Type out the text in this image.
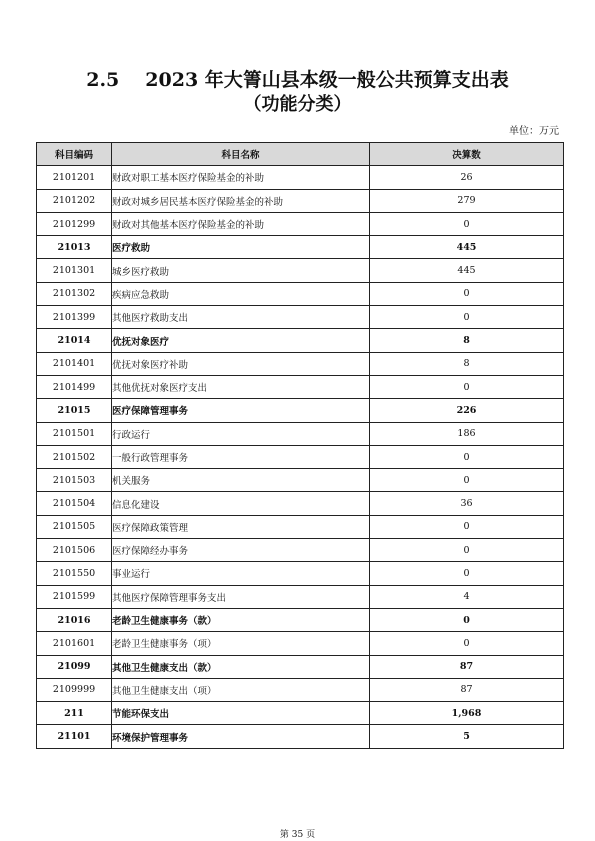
2.5 2023 年大箐山县本级一般公共预算支出表
（功能分类）
单位：万元
科目编码	科目名称	决算数
2101201	财政对职工基本医疗保险基金的补助	26
2101202	财政对城乡居民基本医疗保险基金的补助	279
2101299	财政对其他基本医疗保险基金的补助	0
21013	医疗救助	445
2101301	城乡医疗救助	445
2101302	疾病应急救助	0
2101399	其他医疗救助支出	0
21014	优抚对象医疗	8
2101401	优抚对象医疗补助	8
2101499	其他优抚对象医疗支出	0
21015	医疗保障管理事务	226
2101501	行政运行	186
2101502	一般行政管理事务	0
2101503	机关服务	0
2101504	信息化建设	36
2101505	医疗保障政策管理	0
2101506	医疗保障经办事务	0
2101550	事业运行	0
2101599	其他医疗保障管理事务支出	4
21016	老龄卫生健康事务（款）	0
2101601	老龄卫生健康事务（项）	0
21099	其他卫生健康支出（款）	87
2109999	其他卫生健康支出（项）	87
211	节能环保支出	1,968
21101	环境保护管理事务	5
第 35 页
